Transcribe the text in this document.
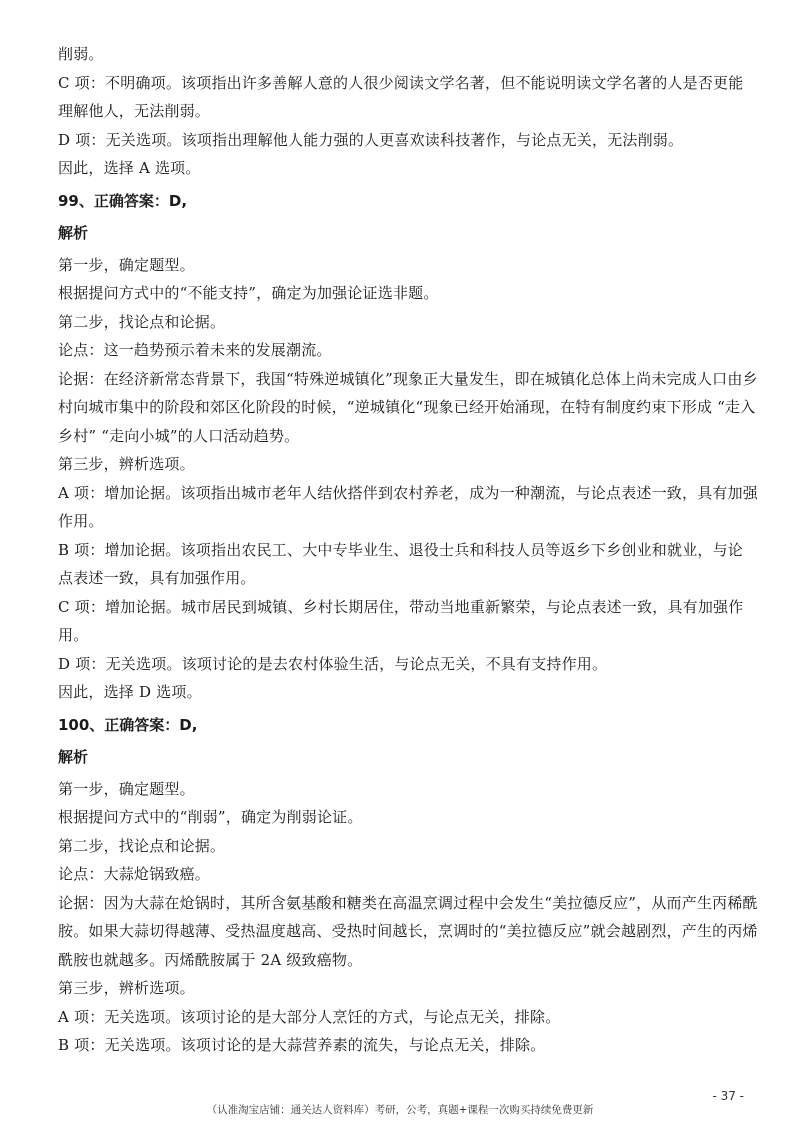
削弱。
C 项：不明确项。该项指出许多善解人意的人很少阅读文学名著，但不能说明读文学名著的人是否更能理解他人，无法削弱。
D 项：无关选项。该项指出理解他人能力强的人更喜欢读科技著作，与论点无关，无法削弱。
因此，选择 A 选项。
99、正确答案：D,
解析
第一步，确定题型。
根据提问方式中的“不能支持”，确定为加强论证选非题。
第二步，找论点和论据。
论点：这一趋势预示着未来的发展潮流。
论据：在经济新常态背景下，我国“特殊逆城镇化”现象正大量发生，即在城镇化总体上尚未完成人口由乡村向城市集中的阶段和郊区化阶段的时候，“逆城镇化“现象已经开始涌现，在特有制度约束下形成 “走入乡村” “走向小城”的人口活动趋势。
第三步，辨析选项。
A 项：增加论据。该项指出城市老年人结伙搭伴到农村养老，成为一种潮流，与论点表述一致，具有加强作用。
B 项：增加论据。该项指出农民工、大中专毕业生、退役士兵和科技人员等返乡下乡创业和就业，与论点表述一致，具有加强作用。
C 项：增加论据。城市居民到城镇、乡村长期居住，带动当地重新繁荣，与论点表述一致，具有加强作用。
D 项：无关选项。该项讨论的是去农村体验生活，与论点无关，不具有支持作用。
因此，选择 D 选项。
100、正确答案：D,
解析
第一步，确定题型。
根据提问方式中的“削弱”，确定为削弱论证。
第二步，找论点和论据。
论点：大蒜炝锅致癌。
论据：因为大蒜在炝锅时，其所含氨基酸和糖类在高温烹调过程中会发生“美拉德反应”，从而产生丙稀酰胺。如果大蒜切得越薄、受热温度越高、受热时间越长，烹调时的“美拉德反应”就会越剧烈，产生的丙烯酰胺也就越多。丙烯酰胺属于 2A 级致癌物。
第三步，辨析选项。
A 项：无关选项。该项讨论的是大部分人烹饪的方式，与论点无关，排除。
B 项：无关选项。该项讨论的是大蒜营养素的流失，与论点无关，排除。
- 37 -
（认准淘宝店铺：通关达人资料库）考研，公考，真题+课程一次购买持续免费更新
